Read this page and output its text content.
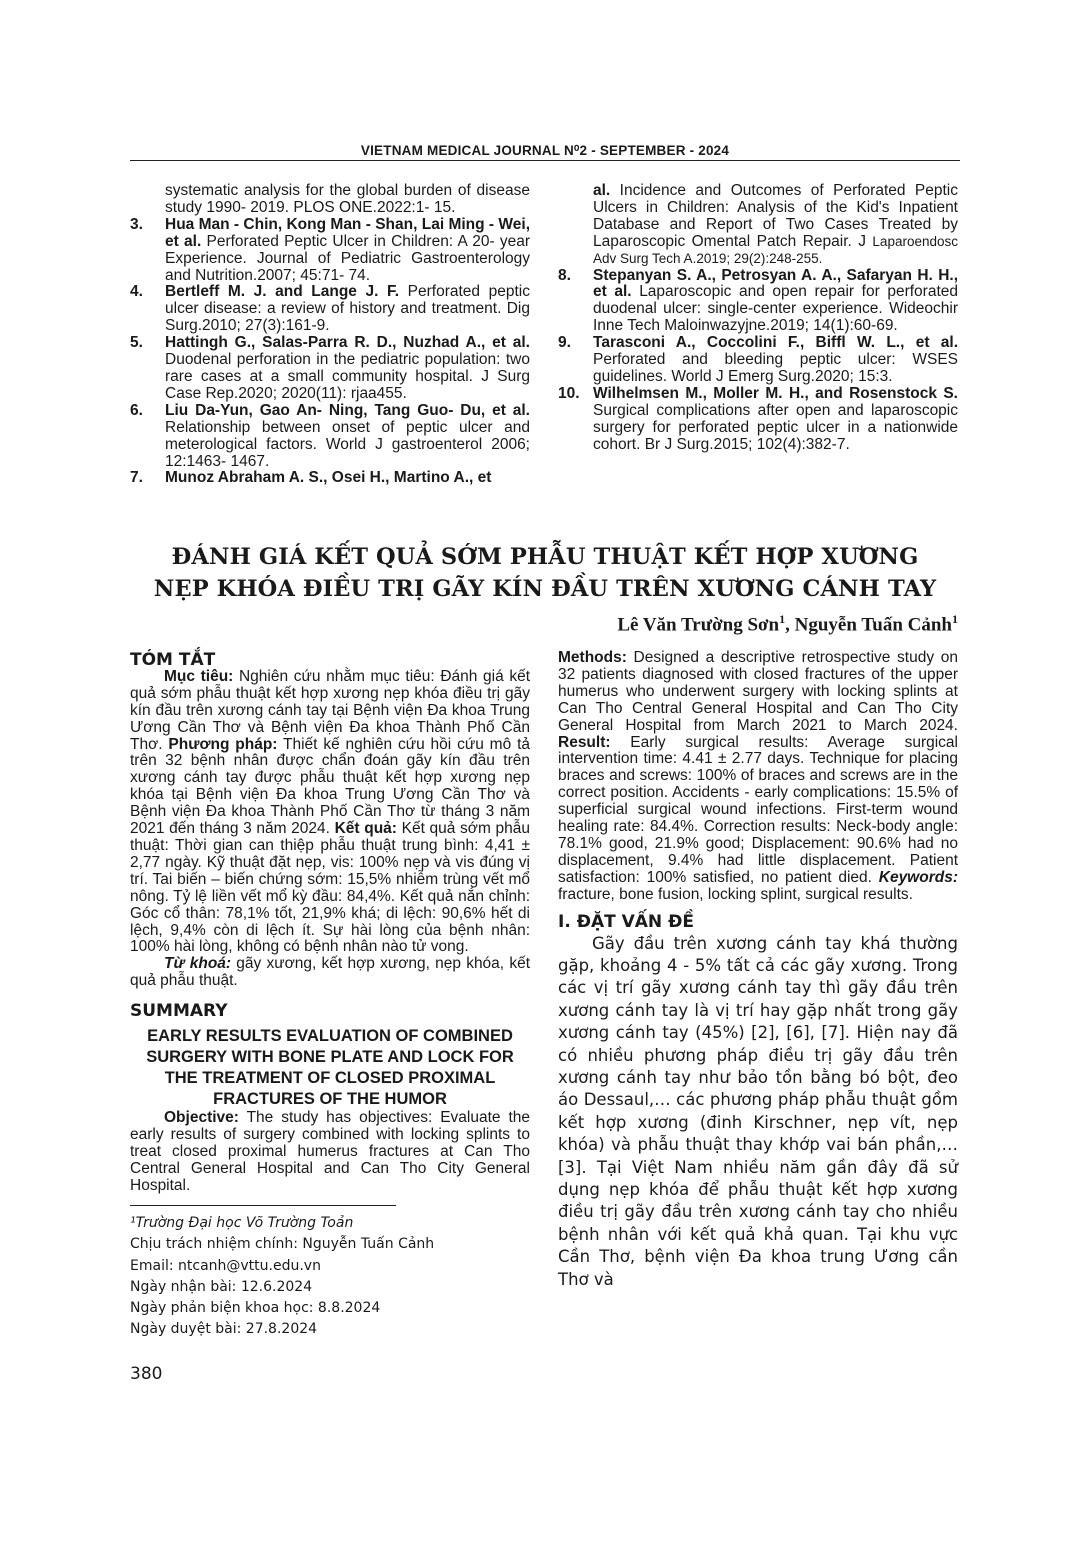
VIETNAM MEDICAL JOURNAL N⁰2 - SEPTEMBER - 2024

systematic analysis for the global burden of disease study 1990- 2019. PLOS ONE.2022:1- 15.

3. Hua Man - Chin, Kong Man - Shan, Lai Ming - Wei, et al. Perforated Peptic Ulcer in Children: A 20- year Experience. Journal of Pediatric Gastroenterology and Nutrition.2007; 45:71- 74.

4. Bertleff M. J. and Lange J. F. Perforated peptic ulcer disease: a review of history and treatment. Dig Surg.2010; 27(3):161-9.

5. Hattingh G., Salas-Parra R. D., Nuzhad A., et al. Duodenal perforation in the pediatric population: two rare cases at a small community hospital. J Surg Case Rep.2020; 2020(11): rjaa455.

6. Liu Da-Yun, Gao An- Ning, Tang Guo- Du, et al. Relationship between onset of peptic ulcer and meterological factors. World J gastroenterol 2006; 12:1463- 1467.

7. Munoz Abraham A. S., Osei H., Martino A., et

al. Incidence and Outcomes of Perforated Peptic Ulcers in Children: Analysis of the Kid's Inpatient Database and Report of Two Cases Treated by Laparoscopic Omental Patch Repair. J Laparoendosc Adv Surg Tech A.2019; 29(2):248-255.

8. Stepanyan S. A., Petrosyan A. A., Safaryan H. H., et al. Laparoscopic and open repair for perforated duodenal ulcer: single-center experience. Wideochir Inne Tech Maloinwazyjne.2019; 14(1):60-69.

9. Tarasconi A., Coccolini F., Biffl W. L., et al. Perforated and bleeding peptic ulcer: WSES guidelines. World J Emerg Surg.2020; 15:3.

10. Wilhelmsen M., Moller M. H., and Rosenstock S. Surgical complications after open and laparoscopic surgery for perforated peptic ulcer in a nationwide cohort. Br J Surg.2015; 102(4):382-7.

ĐÁNH GIÁ KẾT QUẢ SỚM PHẪU THUẬT KẾT HỢP XƯƠNG
NẸP KHÓA ĐIỀU TRỊ GÃY KÍN ĐẦU TRÊN XƯƠNG CÁNH TAY
Lê Văn Trường Sơn$^1$, Nguyễn Tuấn Cảnh$^1$
TÓM TẮT

Mục tiêu: Nghiên cứu nhằm mục tiêu: Đánh giá kết quả sớm phẫu thuật kết hợp xương nẹp khóa điều trị gãy kín đầu trên xương cánh tay tại Bệnh viện Đa khoa Trung Ương Cần Thơ và Bệnh viện Đa khoa Thành Phố Cần Thơ. Phương pháp: Thiết kế nghiên cứu hồi cứu mô tả trên 32 bệnh nhân được chẩn đoán gãy kín đầu trên xương cánh tay được phẫu thuật kết hợp xương nẹp khóa tại Bệnh viện Đa khoa Trung Ương Cần Thơ và Bệnh viện Đa khoa Thành Phố Cần Thơ từ tháng 3 năm 2021 đến tháng 3 năm 2024. Kết quả: Kết quả sớm phẫu thuật: Thời gian can thiệp phẫu thuật trung bình: 4,41 ± 2,77 ngày. Kỹ thuật đặt nẹp, vis: 100% nẹp và vis đúng vị trí. Tai biến – biến chứng sớm: 15,5% nhiễm trùng vết mổ nông. Tỷ lệ liền vết mổ kỳ đầu: 84,4%. Kết quả nắn chỉnh: Góc cổ thân: 78,1% tốt, 21,9% khá; di lệch: 90,6% hết di lệch, 9,4% còn di lệch ít. Sự hài lòng của bệnh nhân: 100% hài lòng, không có bệnh nhân nào tử vong.

Từ khoá: gãy xương, kết hợp xương, nẹp khóa, kết quả phẫu thuật.

SUMMARY

EARLY RESULTS EVALUATION OF COMBINED SURGERY WITH BONE PLATE AND LOCK FOR THE TREATMENT OF CLOSED PROXIMAL FRACTURES OF THE HUMOR

Objective: The study has objectives: Evaluate the early results of surgery combined with locking splints to treat closed proximal humerus fractures at Can Tho Central General Hospital and Can Tho City General Hospital.

¹Trường Đại học Võ Trường Toản

Chịu trách nhiệm chính: Nguyễn Tuấn Cảnh

Email: ntcanh@vttu.edu.vn

Ngày nhận bài: 12.6.2024

Ngày phản biện khoa học: 8.8.2024

Ngày duyệt bài: 27.8.2024

Methods: Designed a descriptive retrospective study on 32 patients diagnosed with closed fractures of the upper humerus who underwent surgery with locking splints at Can Tho Central General Hospital and Can Tho City General Hospital from March 2021 to March 2024. Result: Early surgical results: Average surgical intervention time: 4.41 ± 2.77 days. Technique for placing braces and screws: 100% of braces and screws are in the correct position. Accidents - early complications: 15.5% of superficial surgical wound infections. First-term wound healing rate: 84.4%. Correction results: Neck-body angle: 78.1% good, 21.9% good; Displacement: 90.6% had no displacement, 9.4% had little displacement. Patient satisfaction: 100% satisfied, no patient died. Keywords: fracture, bone fusion, locking splint, surgical results.

I. ĐẶT VẤN ĐỀ

Gãy đầu trên xương cánh tay khá thường gặp, khoảng 4 - 5% tất cả các gãy xương. Trong các vị trí gãy xương cánh tay thì gãy đầu trên xương cánh tay là vị trí hay gặp nhất trong gãy xương cánh tay (45%) [2], [6], [7]. Hiện nay đã có nhiều phương pháp điều trị gãy đầu trên xương cánh tay như bảo tồn bằng bó bột, đeo áo Dessaul,… các phương pháp phẫu thuật gồm kết hợp xương (đinh Kirschner, nẹp vít, nẹp khóa) và phẫu thuật thay khớp vai bán phần,… [3]. Tại Việt Nam nhiều năm gần đây đã sử dụng nẹp khóa để phẫu thuật kết hợp xương điều trị gãy đầu trên xương cánh tay cho nhiều bệnh nhân với kết quả khả quan. Tại khu vực Cần Thơ, bệnh viện Đa khoa trung Ương cần Thơ và

380
